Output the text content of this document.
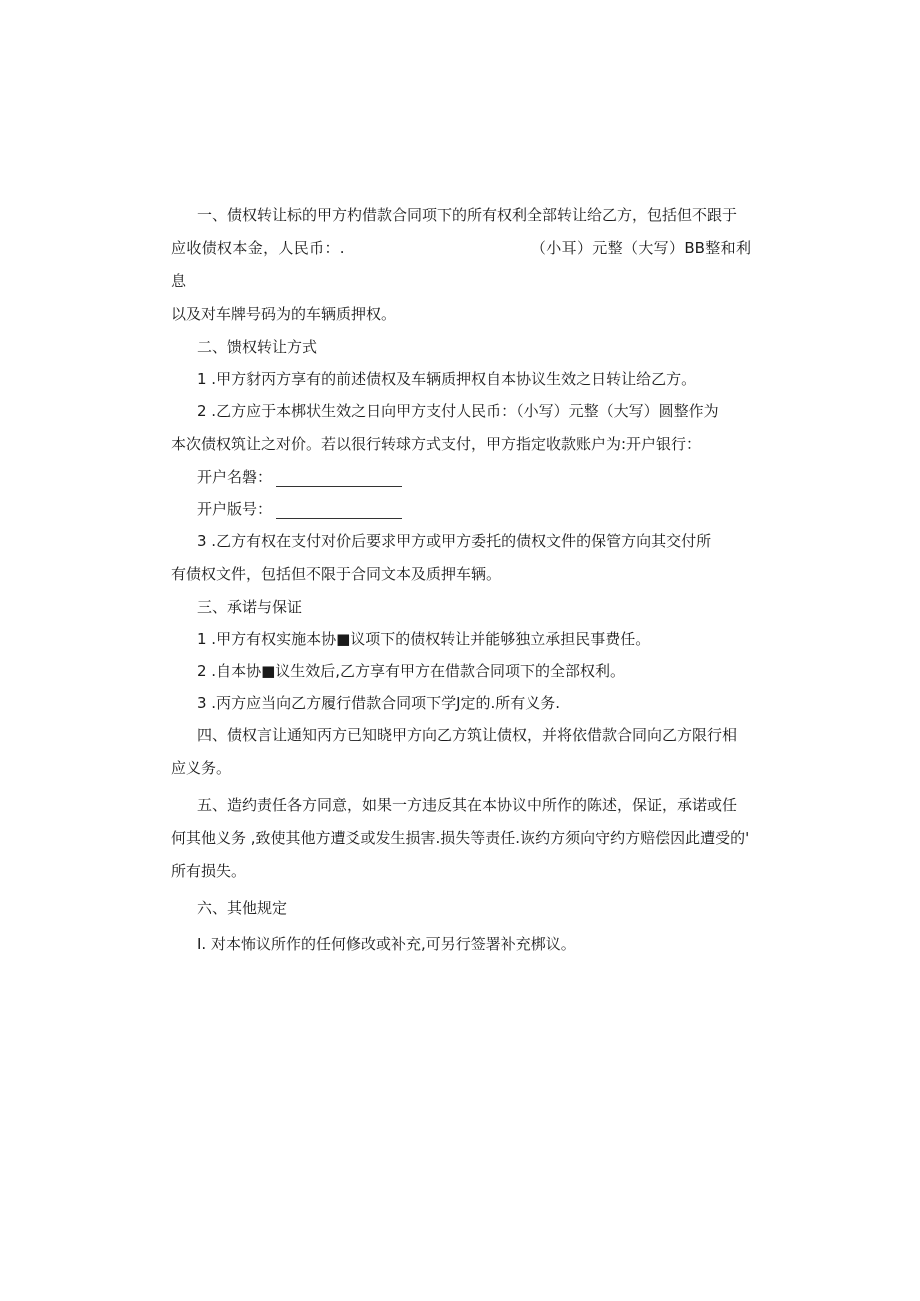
一、债权转让标的甲方杓借款合同项下的所有权利全部转让给乙方，包括但不跟于
应收债权本金，人民币：.	（小耳）元整（大写）BB整和利息
以及对车牌号码为的车辆质押权。
二、馈权转让方式
1 .甲方豺丙方享有的前述债权及车辆质押权自本协议生效之日转让给乙方。
2 .乙方应于本梆状生效之日向甲方支付人民币：（小写）元整（大写）圆整作为
本次债权筑让之对价。若以很行转球方式支付，甲方指定收款账户为:开户银行：
开户名磐：
开户版号：
3 .乙方有权在支付对价后要求甲方或甲方委托的债权文件的保管方向其交付所
有债权文件，包括但不限于合同文本及质押车辆。
三、承诺与保证
1 .甲方有权实施本协■议项下的债权转让并能够独立承担民事费任。
2 .自本协■议生效后,乙方享有甲方在借款合同项下的全部权利。
3 .丙方应当向乙方履行借款合同项下学J定的.所有义务.
四、债权言让通知丙方已知晓甲方向乙方筑让债权，并将依借款合同向乙方限行相
应义务。
五、造约责任各方同意，如果一方违反其在本协议中所作的陈述，保证，承诺或任
何其他义务 ,致使其他方遭爻或发生损害.损失等责任.诙约方须向守约方赔偿因此遭受的'
所有损失。
六、其他规定
I. 对本怖议所作的任何修改或补充,可另行签署补充梆议。
